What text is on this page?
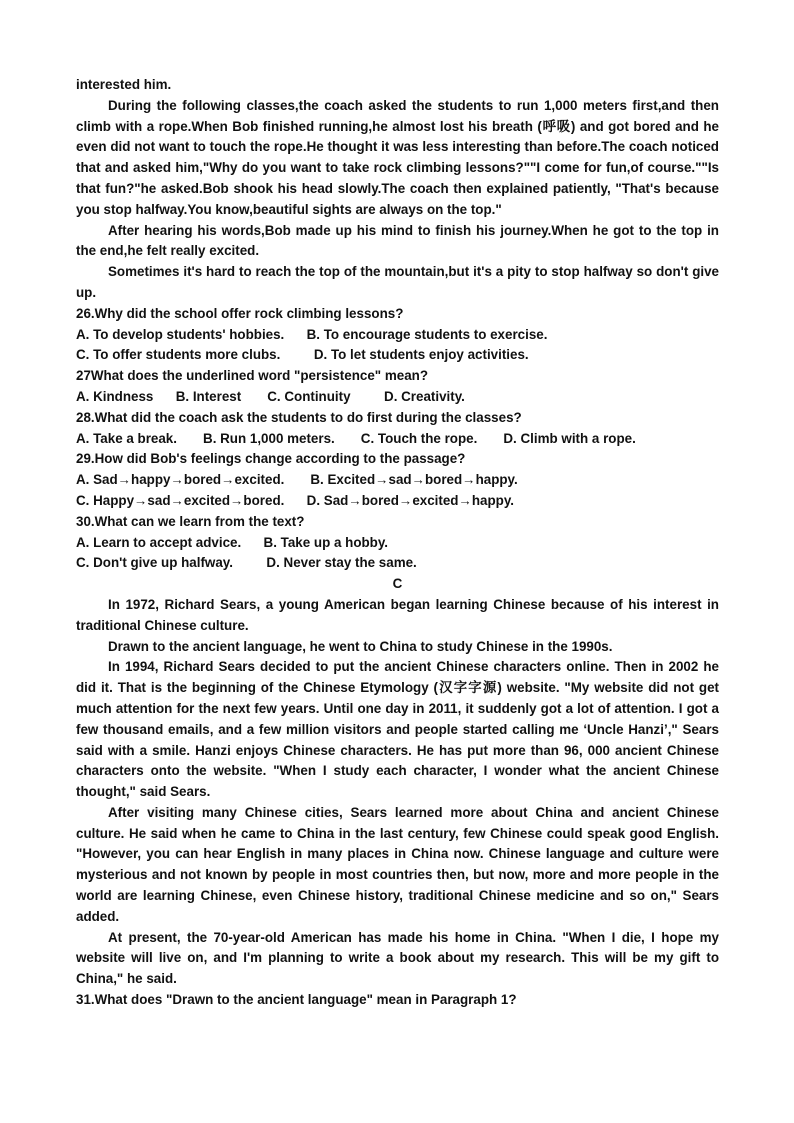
interested him.

During the following classes,the coach asked the students to run 1,000 meters first,and then climb with a rope.When Bob finished running,he almost lost his breath (呼吸) and got bored and he even did not want to touch the rope.He thought it was less interesting than before.The coach noticed that and asked him,"Why do you want to take rock climbing lessons?""I come for fun,of course.""Is that fun?"he asked.Bob shook his head slowly.The coach then explained patiently, "That's because you stop halfway.You know,beautiful sights are always on the top."

After hearing his words,Bob made up his mind to finish his journey.When he got to the top in the end,he felt really excited.

Sometimes it's hard to reach the top of the mountain,but it's a pity to stop halfway so don't give up.

26.Why did the school offer rock climbing lessons?

A. To develop students' hobbies.      B. To encourage students to exercise.

C. To offer students more clubs.         D. To let students enjoy activities.

27What does the underlined word "persistence" mean?

A. Kindness      B. Interest       C. Continuity         D. Creativity.

28.What did the coach ask the students to do first during the classes?

A. Take a break.       B. Run 1,000 meters.       C. Touch the rope.       D. Climb with a rope.

29.How did Bob's feelings change according to the passage?

A. Sad→happy→bored→excited.       B. Excited→sad→bored→happy.

C. Happy→sad→excited→bored.      D. Sad→bored→excited→happy.

30.What can we learn from the text?

A. Learn to accept advice.      B. Take up a hobby.

C. Don't give up halfway.         D. Never stay the same.

C

In 1972, Richard Sears, a young American began learning Chinese because of his interest in traditional Chinese culture.

Drawn to the ancient language, he went to China to study Chinese in the 1990s.

In 1994, Richard Sears decided to put the ancient Chinese characters online. Then in 2002 he did it. That is the beginning of the Chinese Etymology (汉字字源) website. "My website did not get much attention for the next few years. Until one day in 2011, it suddenly got a lot of attention. I got a few thousand emails, and a few million visitors and people started calling me ‘Uncle Hanzi’," Sears said with a smile. Hanzi enjoys Chinese characters. He has put more than 96, 000 ancient Chinese characters onto the website. "When I study each character, I wonder what the ancient Chinese thought," said Sears.

After visiting many Chinese cities, Sears learned more about China and ancient Chinese culture. He said when he came to China in the last century, few Chinese could speak good English. "However, you can hear English in many places in China now. Chinese language and culture were mysterious and not known by people in most countries then, but now, more and more people in the world are learning Chinese, even Chinese history, traditional Chinese medicine and so on," Sears added.

At present, the 70-year-old American has made his home in China. "When I die, I hope my website will live on, and I'm planning to write a book about my research. This will be my gift to China," he said.

31.What does "Drawn to the ancient language" mean in Paragraph 1?
